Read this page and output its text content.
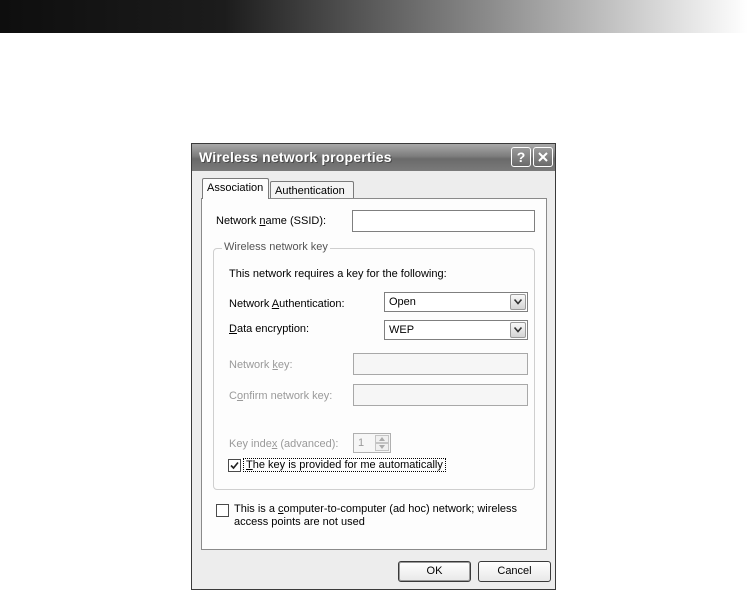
Wireless network properties	?
Association	Authentication
Network name (SSID):
Wireless network key
This network requires a key for the following:
Network Authentication:	Open
Data encryption:	WEP
Network key:
Confirm network key:
Key index (advanced): 1
The key is provided for me automatically
This is a computer-to-computer (ad hoc) network; wireless
access points are not used
OK	Cancel
